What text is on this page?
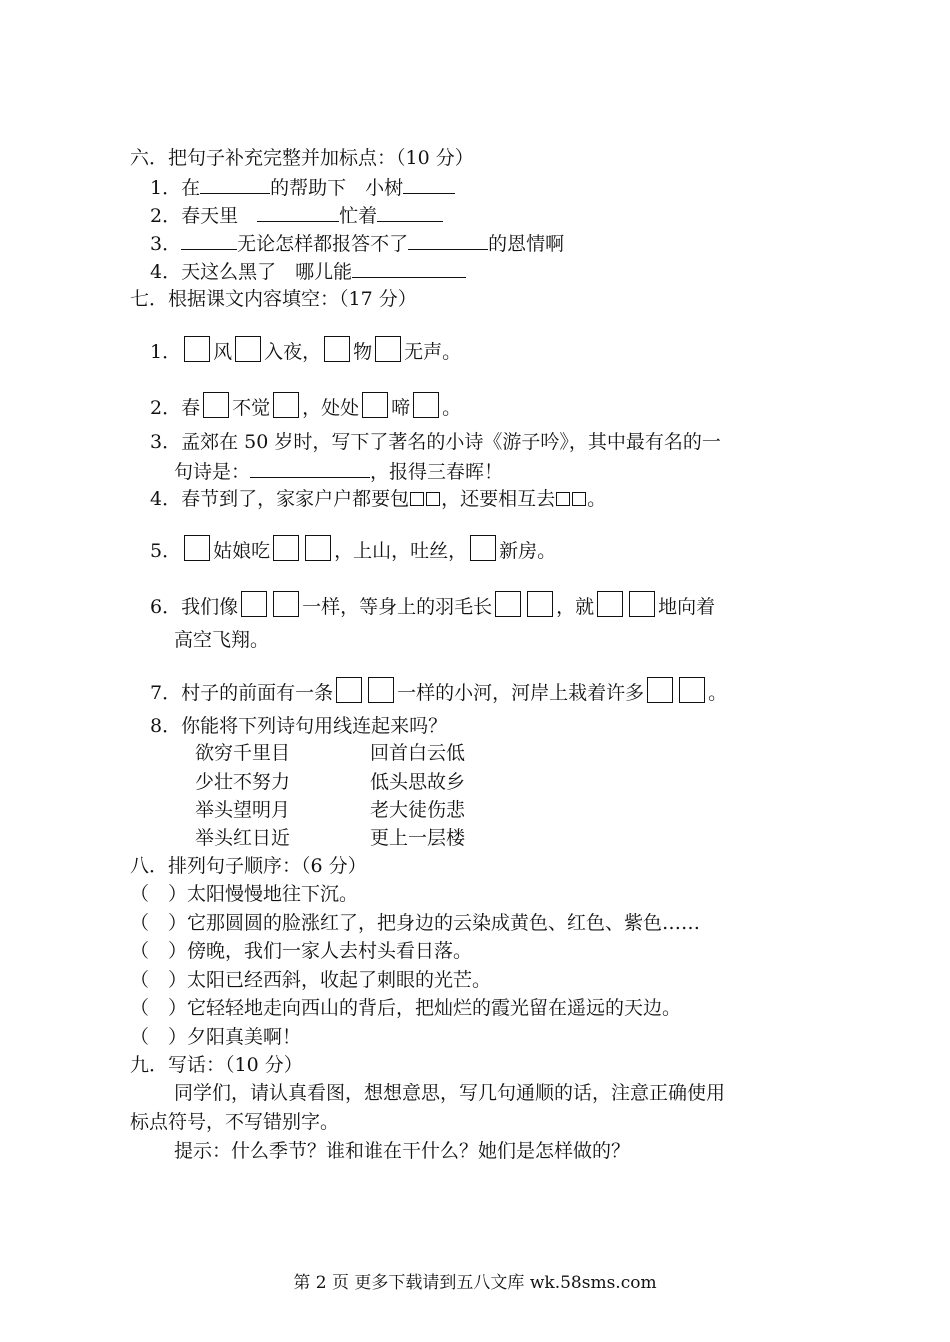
六．把句子补充完整并加标点：（10 分）
1．在	的帮助下　小树
2．春天里　	忙着
3．	无论怎样都报答不了	的恩情啊
4．天这么黑了　哪儿能
七．根据课文内容填空：（17 分）
1． 风 入夜， 物 无声。
2．春 不觉 ，处处 啼 。
3．孟郊在 50 岁时，写下了著名的小诗《游子吟》，其中最有名的一
句诗是：	，报得三春晖！
4．春节到了，家家户户都要包 ，还要相互去 。
5． 姑娘吃	，上山，吐丝， 新房。
6．我们像	一样，等身上的羽毛长	，就	地向着
高空飞翔。
7．村子的前面有一条	一样的小河，河岸上栽着许多	。
8．你能将下列诗句用线连起来吗？
欲穷千里目	回首白云低
少壮不努力	低头思故乡
举头望明月	老大徒伤悲
举头红日近	更上一层楼
八．排列句子顺序：（6 分）
（　）太阳慢慢地往下沉。
（　）它那圆圆的脸涨红了，把身边的云染成黄色、红色、紫色……
（　）傍晚，我们一家人去村头看日落。
（　）太阳已经西斜，收起了刺眼的光芒。
（　）它轻轻地走向西山的背后，把灿烂的霞光留在遥远的天边。
（　）夕阳真美啊！
九．写话：（10 分）
同学们，请认真看图，想想意思，写几句通顺的话，注意正确使用
标点符号，不写错别字。
提示：什么季节？谁和谁在干什么？她们是怎样做的？
第 2 页 更多下载请到五八文库 wk.58sms.com
